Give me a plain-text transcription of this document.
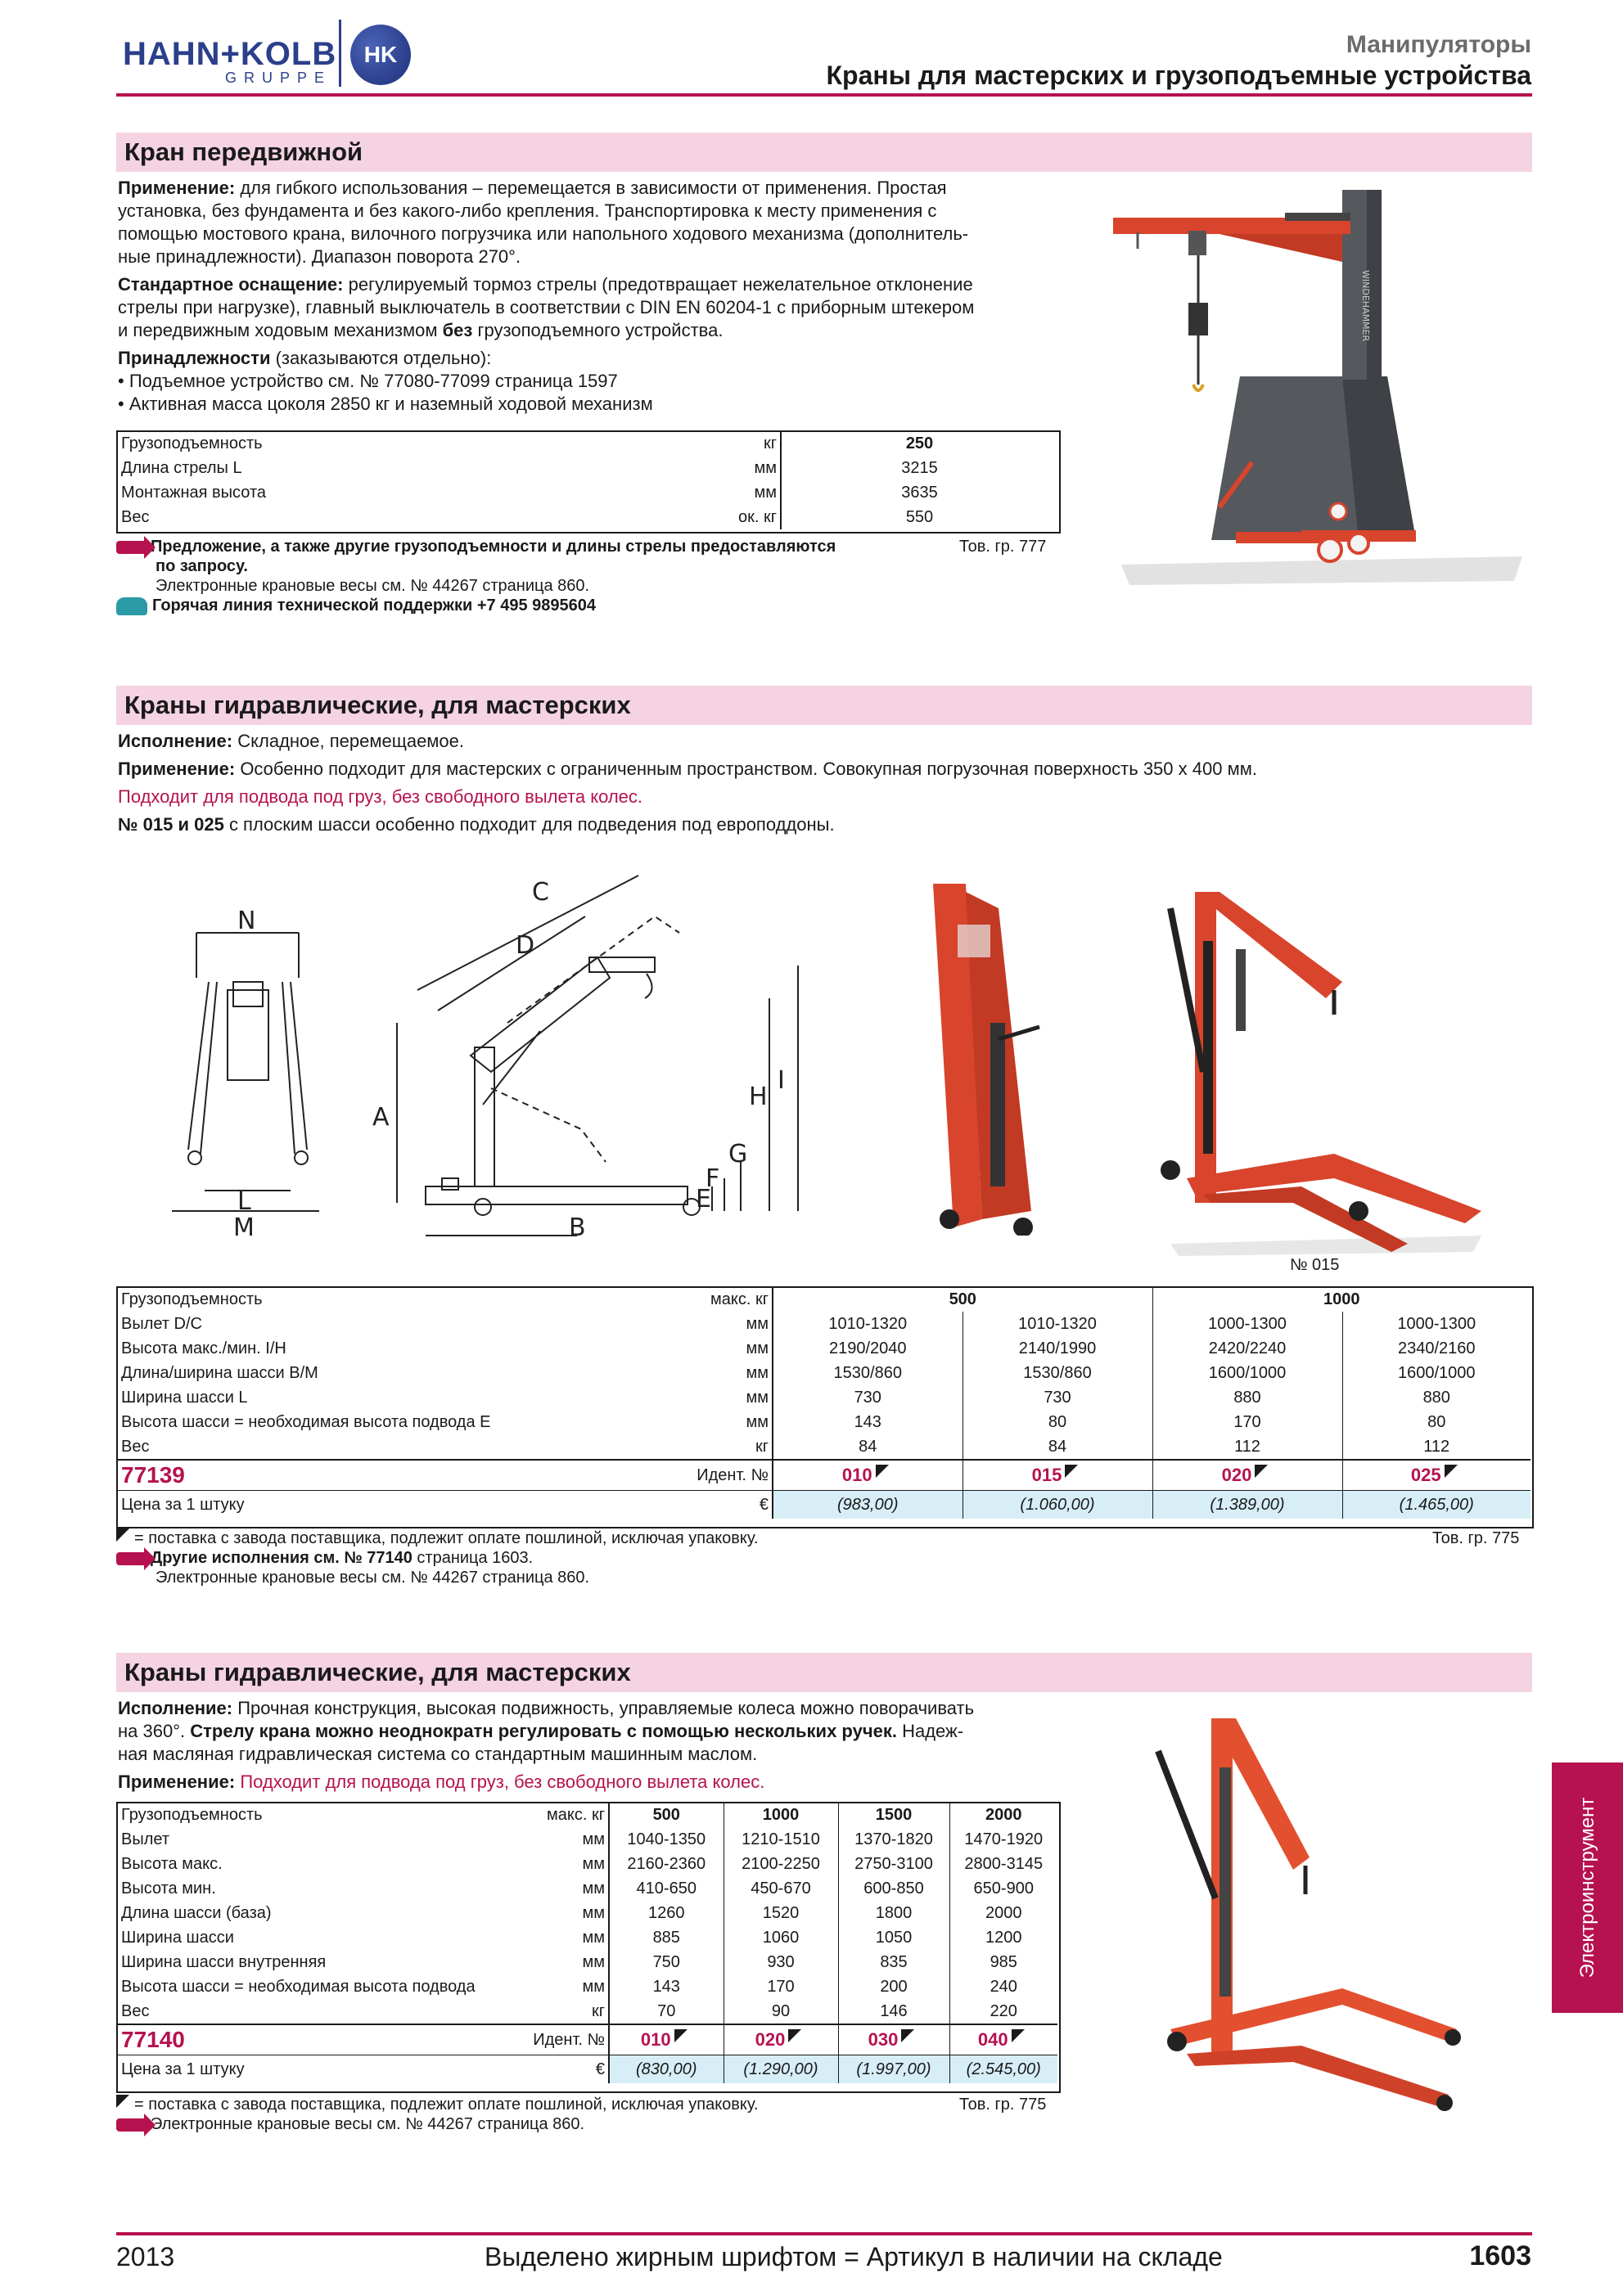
HAHN+KOLB
GRUPPE
HK	Манипуляторы
Краны для мастерских и грузоподъемные устройства
Кран передвижной
Применение: для гибкого использования – перемещается в зависимости от применения. Простая
установка, без фундамента и без какого-либо крепления. Транспортировка к месту применения с
помощью мостового крана, вилочного погрузчика или напольного ходового механизма (дополнитель-
ные принадлежности). Диапазон поворота 270°.
Стандартное оснащение: регулируемый тормоз стрелы (предотвращает нежелательное отклонение
стрелы при нагрузке), главный выключатель в соответствии с DIN EN 60204-1 с приборным штекером
и передвижным ходовым механизмом без грузоподъемного устройства.
Принадлежности (заказываются отдельно):
• Подъемное устройство см. № 77080-77099 страница 1597
• Активная масса цоколя 2850 кг и наземный ходовой механизм
Грузоподъемность	кг	250
Длина стрелы L	мм	3215
Монтажная высота	мм	3635
Вес	ок. кг	550
Предложение, а также другие грузоподъемности и длины стрелы предоставляются
по запросу.
Электронные крановые весы см. № 44267 страница 860.
Горячая линия технической поддержки +7 495 9895604
Тов. гр. 777
WINDEHAMMER
Краны гидравлические, для мастерских
Исполнение: Складное, перемещаемое.
Применение: Особенно подходит для мастерских с ограниченным пространством. Совокупная погрузочная поверхность 350 х 400 мм.
Подходит для подвода под груз, без свободного вылета колес.
№ 015 и 025 с плоским шасси особенно подходит для подведения под европоддоны.
N
L
M
C
D
A
B
E
F
G
H
I
№ 015
Грузоподъемность	макс. кг	500		1000	
Вылет D/C	мм	1010-1320	1010-1320	1000-1300	1000-1300
Высота макс./мин. I/H	мм	2190/2040	2140/1990	2420/2240	2340/2160
Длина/ширина шасси B/M	мм	1530/860	1530/860	1600/1000	1600/1000
Ширина шасси L	мм	730	730	880	880
Высота шасси = необходимая высота подвода E	мм	143	80	170	80
Вес	кг	84	84	112	112
77139	Идент. №	010	015	020	025
Цена за 1 штуку	€	(983,00)	(1.060,00)	(1.389,00)	(1.465,00)
= поставка с завода поставщика, подлежит оплате пошлиной, исключая упаковку.
Другие исполнения см. № 77140 страница 1603.
Электронные крановые весы см. № 44267 страница 860.
Тов. гр. 775
Краны гидравлические, для мастерских
Исполнение: Прочная конструкция, высокая подвижность, управляемые колеса можно поворачивать
на 360°. Стрелу крана можно неоднократн регулировать с помощью нескольких ручек. Надеж-
ная масляная гидравлическая система со стандартным машинным маслом.
Применение: Подходит для подвода под груз, без свободного вылета колес.
Грузоподъемность	макс. кг	500	1000	1500	2000
Вылет	мм	1040-1350	1210-1510	1370-1820	1470-1920
Высота макс.	мм	2160-2360	2100-2250	2750-3100	2800-3145
Высота мин.	мм	410-650	450-670	600-850	650-900
Длина шасси (база)	мм	1260	1520	1800	2000
Ширина шасси	мм	885	1060	1050	1200
Ширина шасси внутренняя	мм	750	930	835	985
Высота шасси = необходимая высота подвода	мм	143	170	200	240
Вес	кг	70	90	146	220
77140	Идент. №	010	020	030	040
Цена за 1 штуку	€	(830,00)	(1.290,00)	(1.997,00)	(2.545,00)
= поставка с завода поставщика, подлежит оплате пошлиной, исключая упаковку.
Электронные крановые весы см. № 44267 страница 860.
Тов. гр. 775
Электроинструмент
2013	Выделено жирным шрифтом = Артикул в наличии на складе	1603
